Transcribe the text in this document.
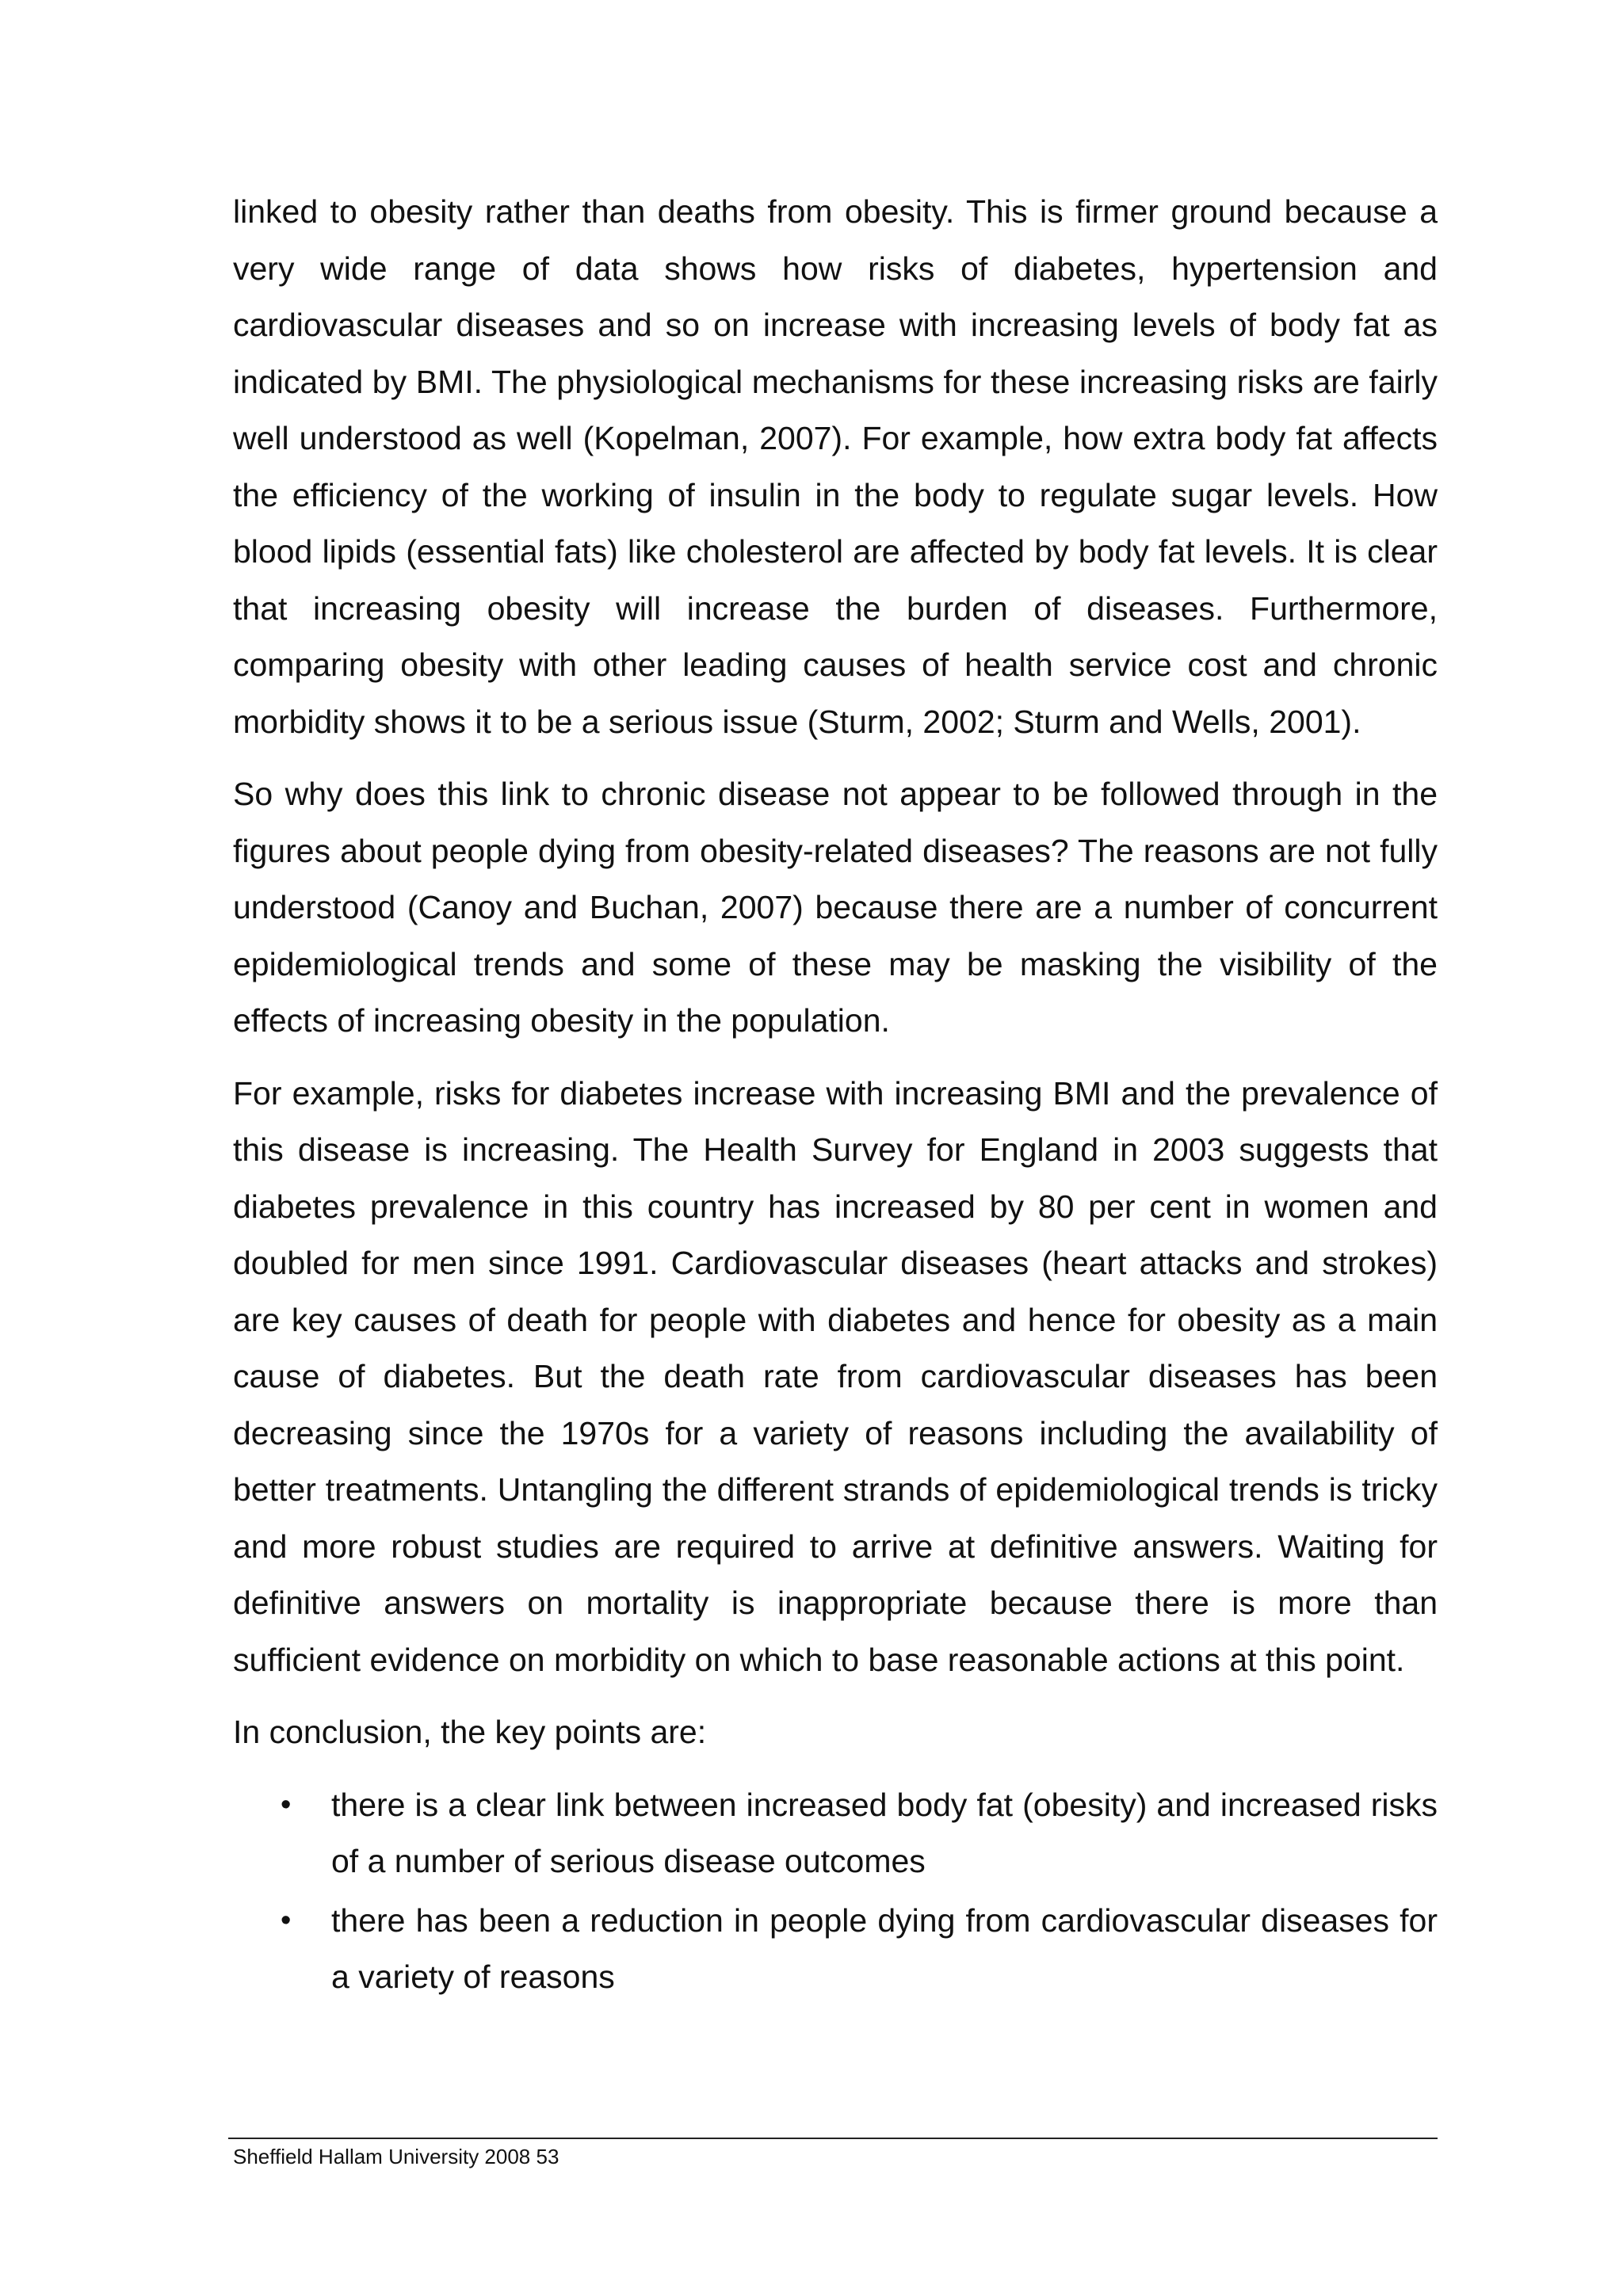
linked to obesity rather than deaths from obesity. This is firmer ground because a very wide range of data shows how risks of diabetes, hypertension and cardiovascular diseases and so on increase with increasing levels of body fat as indicated by BMI. The physiological mechanisms for these increasing risks are fairly well understood as well (Kopelman, 2007). For example, how extra body fat affects the efficiency of the working of insulin in the body to regulate sugar levels. How blood lipids (essential fats) like cholesterol are affected by body fat levels. It is clear that increasing obesity will increase the burden of diseases. Furthermore, comparing obesity with other leading causes of health service cost and chronic morbidity shows it to be a serious issue (Sturm, 2002; Sturm and Wells, 2001).

So why does this link to chronic disease not appear to be followed through in the figures about people dying from obesity-related diseases? The reasons are not fully understood (Canoy and Buchan, 2007) because there are a number of concurrent epidemiological trends and some of these may be masking the visibility of the effects of increasing obesity in the population.

For example, risks for diabetes increase with increasing BMI and the prevalence of this disease is increasing. The Health Survey for England in 2003 suggests that diabetes prevalence in this country has increased by 80 per cent in women and doubled for men since 1991. Cardiovascular diseases (heart attacks and strokes) are key causes of death for people with diabetes and hence for obesity as a main cause of diabetes. But the death rate from cardiovascular diseases has been decreasing since the 1970s for a variety of reasons including the availability of better treatments. Untangling the different strands of epidemiological trends is tricky and more robust studies are required to arrive at definitive answers. Waiting for definitive answers on mortality is inappropriate because there is more than sufficient evidence on morbidity on which to base reasonable actions at this point.

In conclusion, the key points are:

• there is a clear link between increased body fat (obesity) and increased risks of a number of serious disease outcomes
• there has been a reduction in people dying from cardiovascular diseases for a variety of reasons
Sheffield Hallam University 2008 53
